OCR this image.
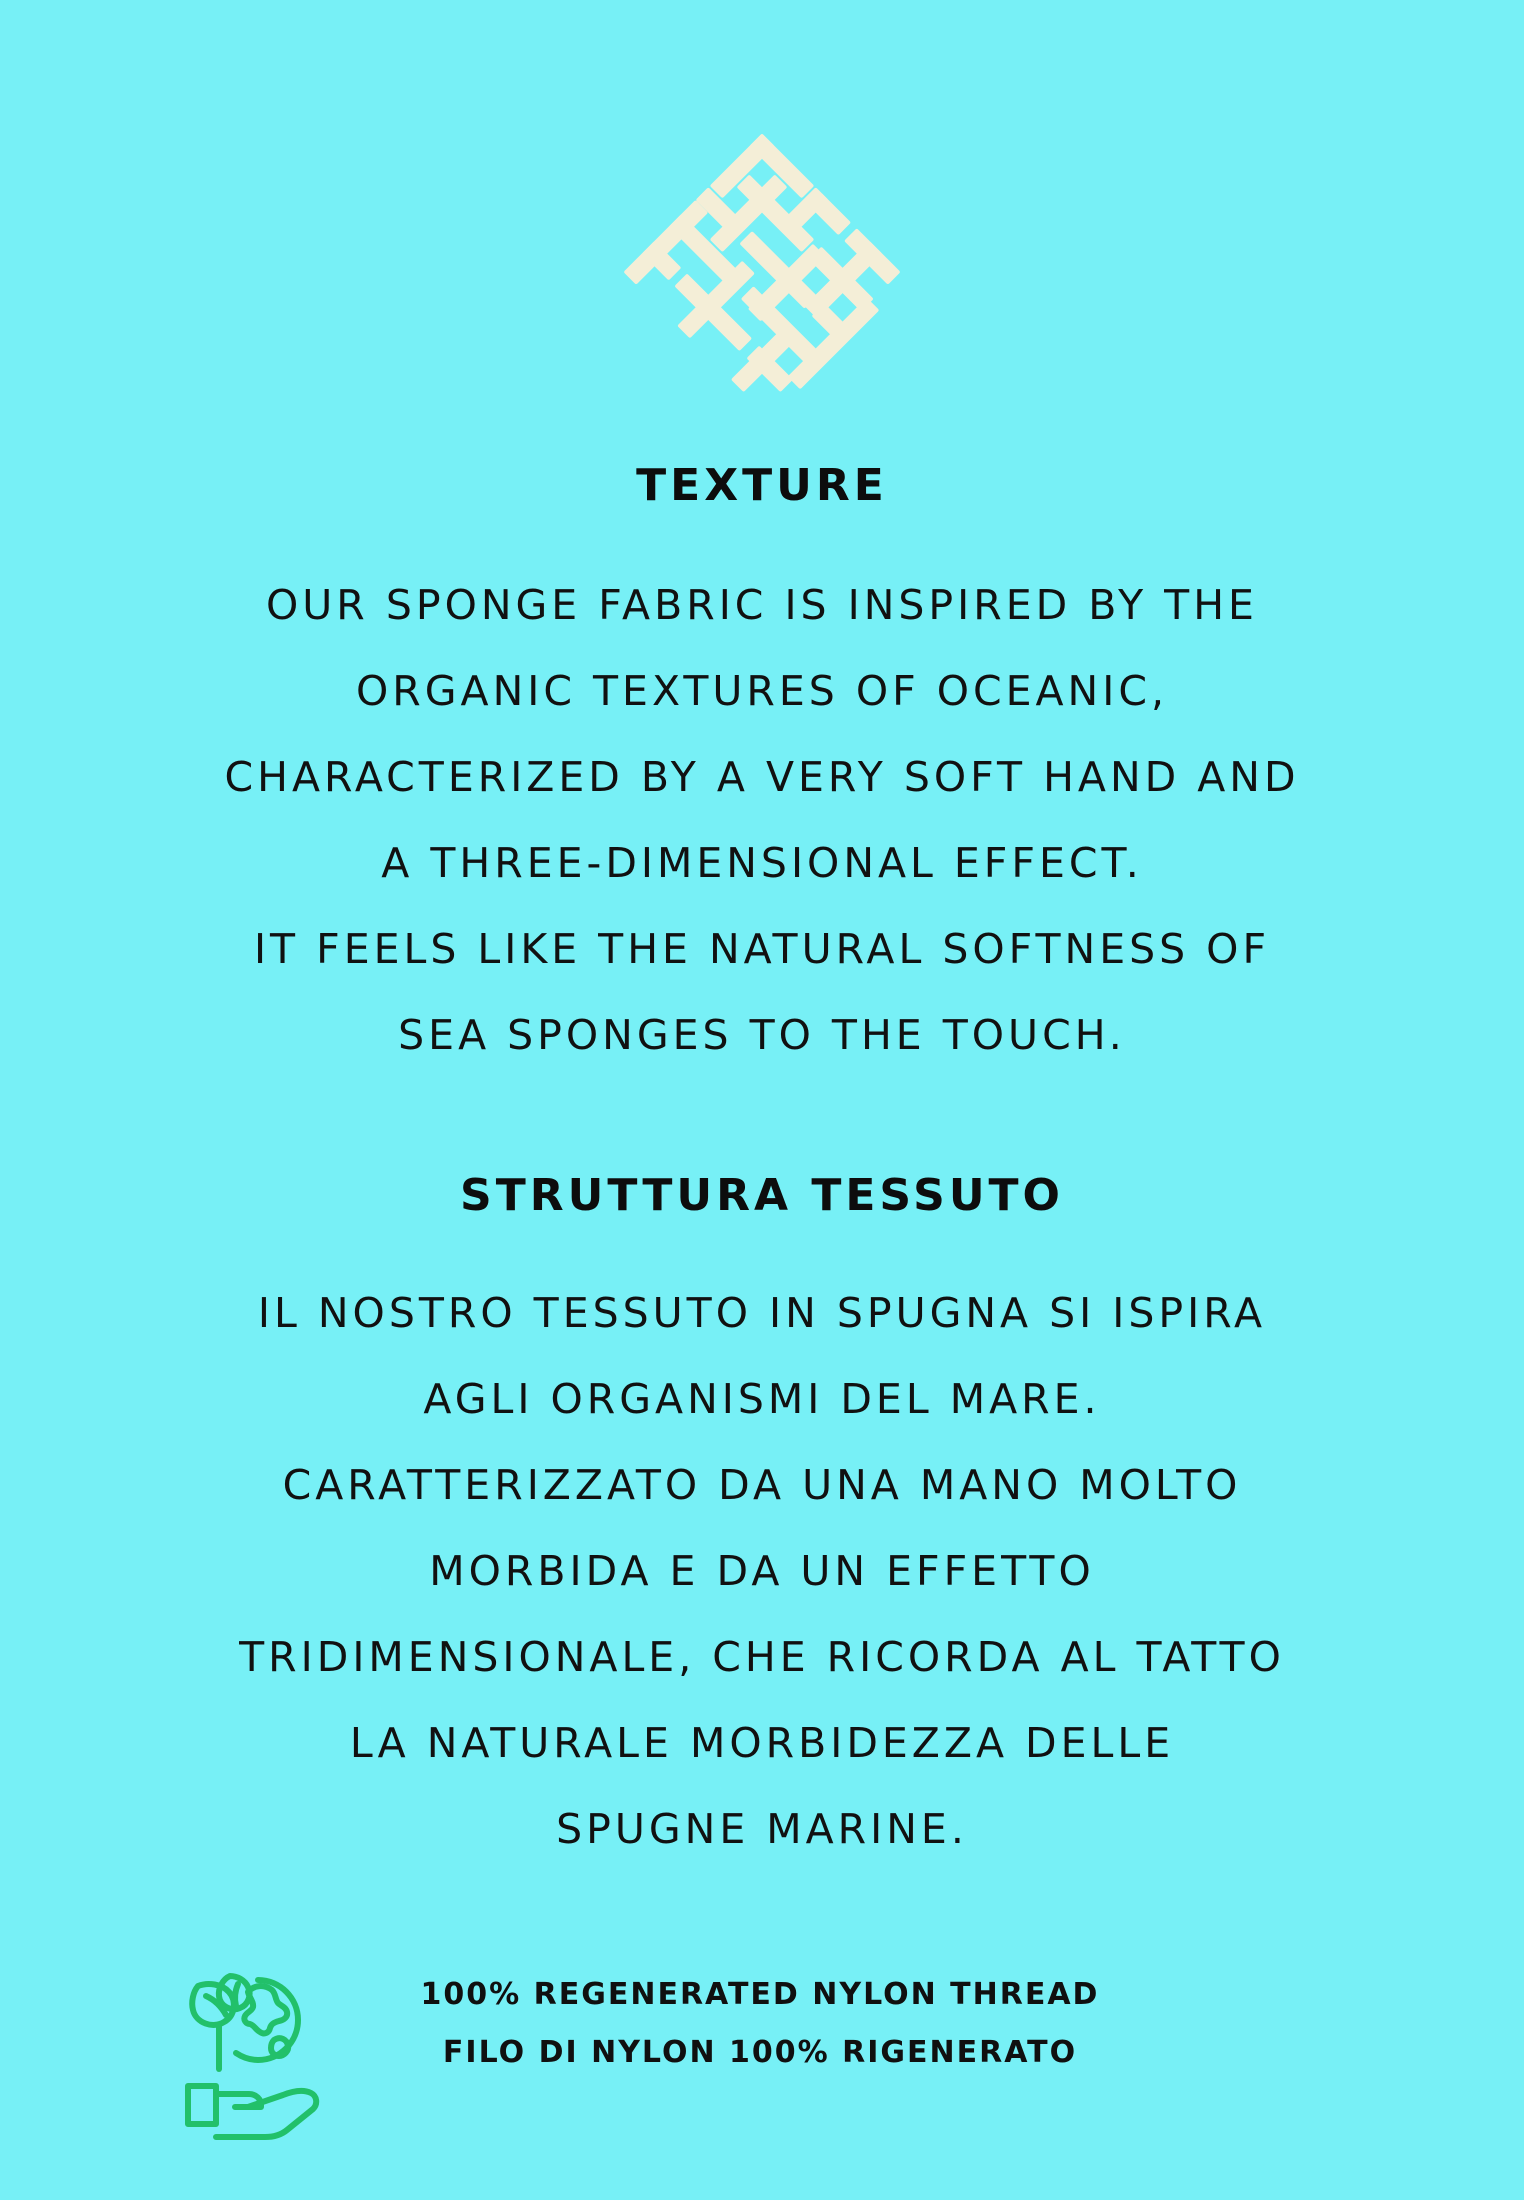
TEXTURE
OUR SPONGE FABRIC IS INSPIRED BY THE
ORGANIC TEXTURES OF OCEANIC,
CHARACTERIZED BY A VERY SOFT HAND AND
A THREE-DIMENSIONAL EFFECT.
IT FEELS LIKE THE NATURAL SOFTNESS OF
SEA SPONGES TO THE TOUCH.
STRUTTURA TESSUTO
IL NOSTRO TESSUTO IN SPUGNA SI ISPIRA
AGLI ORGANISMI DEL MARE.
CARATTERIZZATO DA UNA MANO MOLTO
MORBIDA E DA UN EFFETTO
TRIDIMENSIONALE, CHE RICORDA AL TATTO
LA NATURALE MORBIDEZZA DELLE
SPUGNE MARINE.
100% REGENERATED NYLON THREAD
FILO DI NYLON 100% RIGENERATO
